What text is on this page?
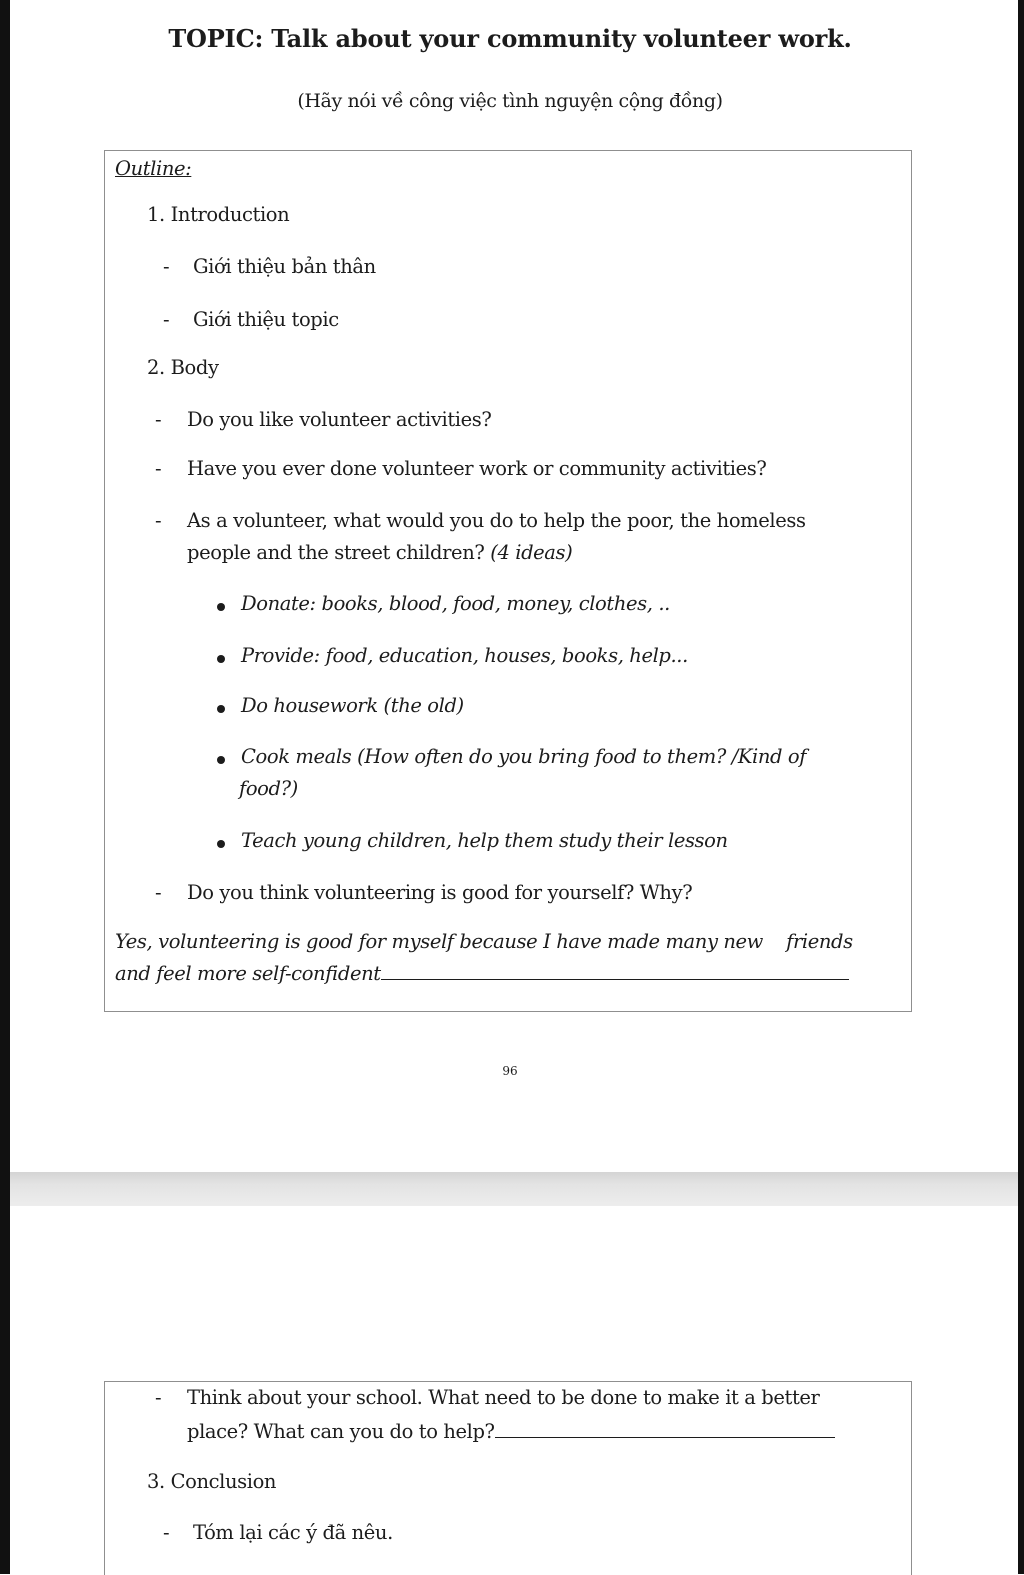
TOPIC: Talk about your community volunteer work.
(Hãy nói về công việc tình nguyện cộng đồng)
Outline:
1. Introduction
- Giới thiệu bản thân
- Giới thiệu topic
2. Body
- Do you like volunteer activities?
- Have you ever done volunteer work or community activities?
- As a volunteer, what would you do to help the poor, the homeless
people and the street children? (4 ideas)
Donate: books, blood, food, money, clothes, ..
Provide: food, education, houses, books, help...
Do housework (the old)
Cook meals (How often do you bring food to them? /Kind of
food?)
Teach young children, help them study their lesson
- Do you think volunteering is good for yourself? Why?
Yes, volunteering is good for myself because I have made many new    friends
and feel more self-confident
96
- Think about your school. What need to be done to make it a better
place? What can you do to help?
3. Conclusion
- Tóm lại các ý đã nêu.
